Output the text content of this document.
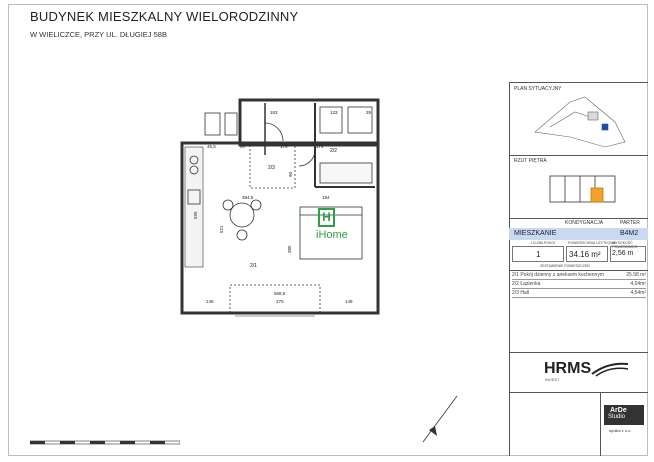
BUDYNEK MIESZKALNY WIELORODZINNY
W WIELICZCE, PRZY UL. DŁUGIEJ 58B
183	133	39
45,5	60	179	174
384,5	184
599
521
385
90
568,5
149	270	149
2/1
2/2
2/3
H
iHome
PLAN SYTUACYJNY
RZUT PIĘTRA
KONDYGNACJA	PARTER
MIESZKANIE	B4M2
LICZBA POKOI	POWIERZCHNIA UŻYTKOWA
WYSOKOŚĆ POMIESZCZEŃ
1	34.16 m² 2,56 m
ZESTAWIENIE POMIESZCZEŃ
2/1 Pokój dzienny z aneksem kuchennym	25.58 m²
2/2 Łazienka	4,04m²
2/3 Hall	4,54m²
HRMS
INVEST
ArDe
Studio
spółka z o.o.
